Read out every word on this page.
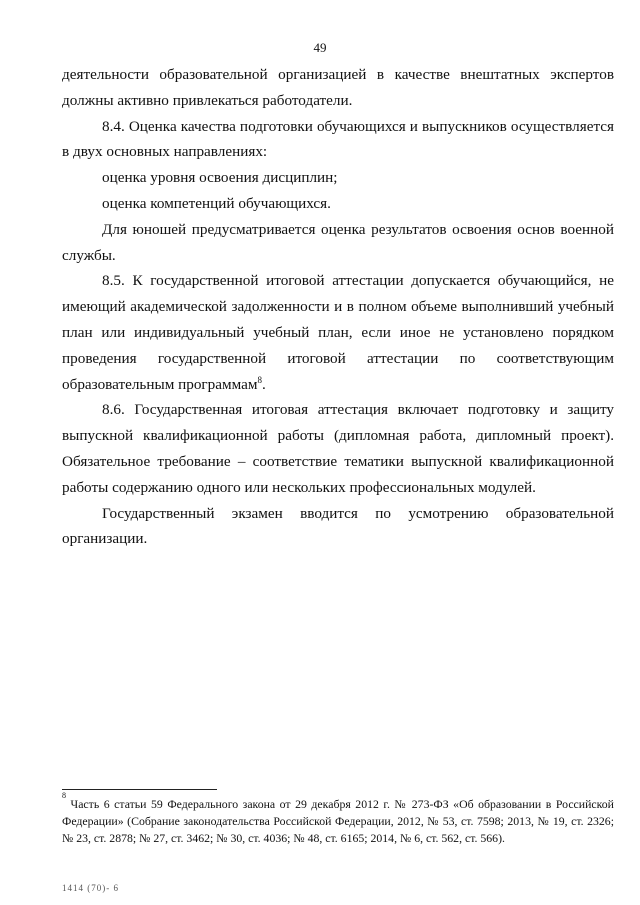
49

деятельности образовательной организацией в качестве внештатных экспертов должны активно привлекаться работодатели.

8.4. Оценка качества подготовки обучающихся и выпускников осуществляется в двух основных направлениях:

оценка уровня освоения дисциплин;

оценка компетенций обучающихся.

Для юношей предусматривается оценка результатов освоения основ военной службы.

8.5. К государственной итоговой аттестации допускается обучающийся, не имеющий академической задолженности и в полном объеме выполнивший учебный план или индивидуальный учебный план, если иное не установлено порядком проведения государственной итоговой аттестации по соответствующим образовательным программам$^8$.

8.6. Государственная итоговая аттестация включает подготовку и защиту выпускной квалификационной работы (дипломная работа, дипломный проект). Обязательное требование – соответствие тематики выпускной квалификационной работы содержанию одного или нескольких профессиональных модулей.

Государственный экзамен вводится по усмотрению образовательной организации.

$^8$ Часть 6 статьи 59 Федерального закона от 29 декабря 2012 г. № 273-ФЗ «Об образовании в Российской Федерации» (Собрание законодательства Российской Федерации, 2012, № 53, ст. 7598; 2013, № 19, ст. 2326; № 23, ст. 2878; № 27, ст. 3462; № 30, ст. 4036; № 48, ст. 6165; 2014, № 6, ст. 562, ст. 566).
1414 (70)- 6
